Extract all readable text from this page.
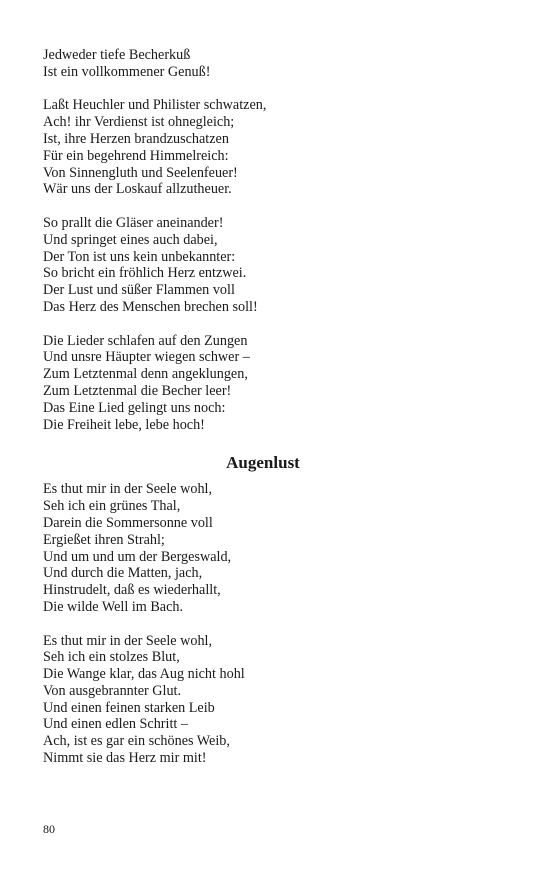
Jedweder tiefe Becherkuß
Ist ein vollkommener Genuß!
Laßt Heuchler und Philister schwatzen,
Ach! ihr Verdienst ist ohnegleich;
Ist, ihre Herzen brandzuschatzen
Für ein begehrend Himmelreich:
Von Sinnengluth und Seelenfeuer!
Wär uns der Loskauf allzutheuer.
So prallt die Gläser aneinander!
Und springet eines auch dabei,
Der Ton ist uns kein unbekannter:
So bricht ein fröhlich Herz entzwei.
Der Lust und süßer Flammen voll
Das Herz des Menschen brechen soll!
Die Lieder schlafen auf den Zungen
Und unsre Häupter wiegen schwer –
Zum Letztenmal denn angeklungen,
Zum Letztenmal die Becher leer!
Das Eine Lied gelingt uns noch:
Die Freiheit lebe, lebe hoch!
Augenlust
Es thut mir in der Seele wohl,
Seh ich ein grünes Thal,
Darein die Sommersonne voll
Ergießet ihren Strahl;
Und um und um der Bergeswald,
Und durch die Matten, jach,
Hinstrudelt, daß es wiederhallt,
Die wilde Well im Bach.
Es thut mir in der Seele wohl,
Seh ich ein stolzes Blut,
Die Wange klar, das Aug nicht hohl
Von ausgebrannter Glut.
Und einen feinen starken Leib
Und einen edlen Schritt –
Ach, ist es gar ein schönes Weib,
Nimmt sie das Herz mir mit!
80
